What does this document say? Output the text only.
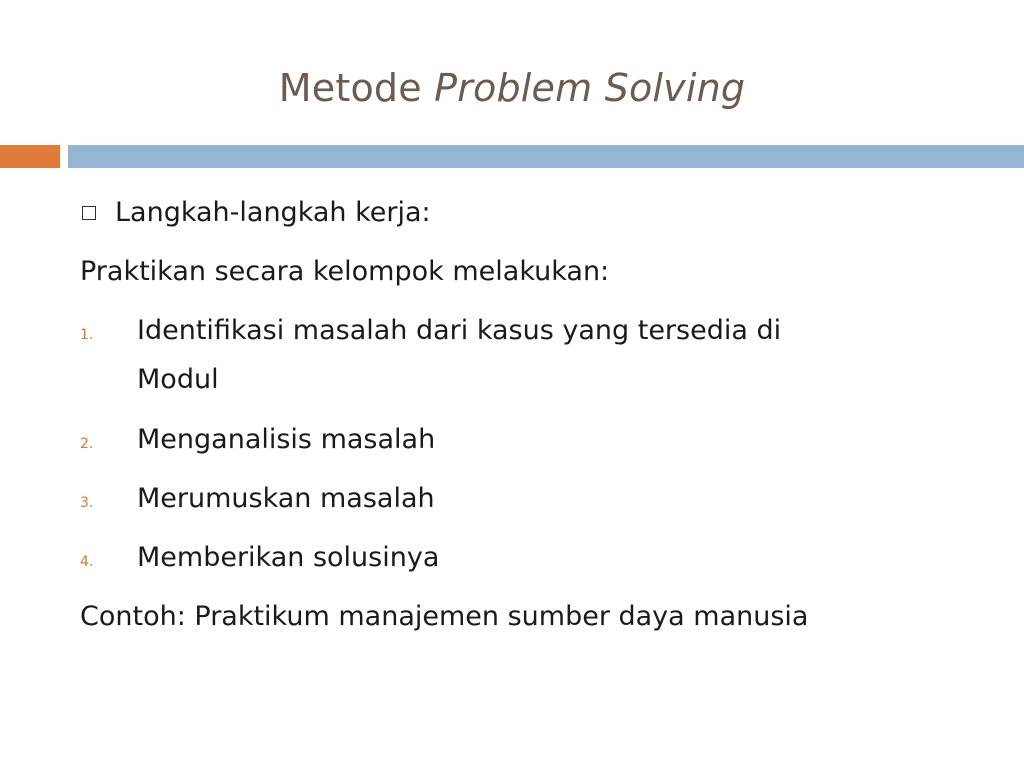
Metode Problem Solving
Langkah-langkah kerja:
Praktikan secara kelompok melakukan:
1. Identifikasi masalah dari kasus yang tersedia di
Modul
2. Menganalisis masalah
3. Merumuskan masalah
4. Memberikan solusinya
Contoh: Praktikum manajemen sumber daya manusia
